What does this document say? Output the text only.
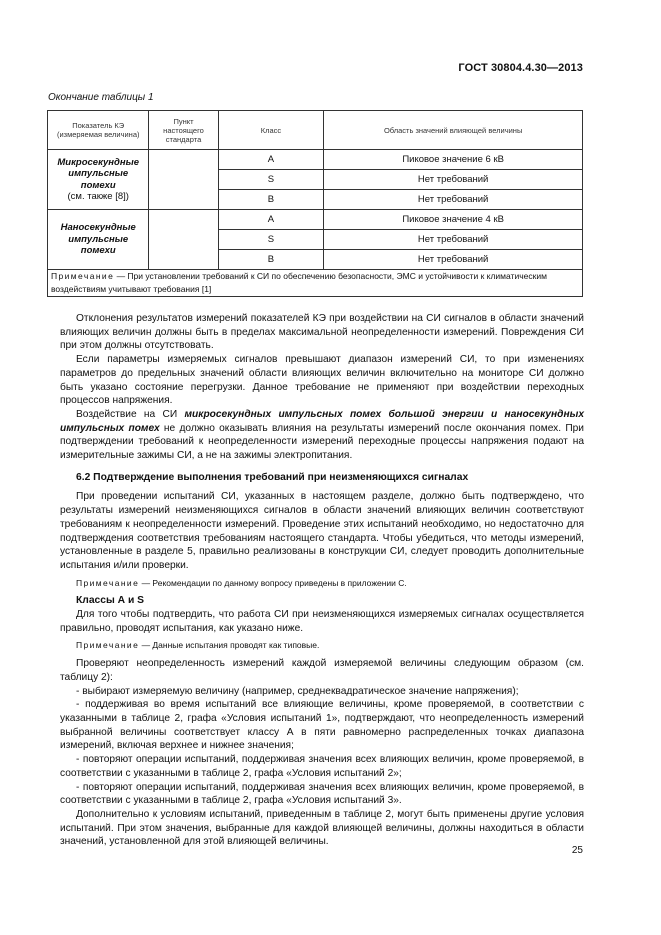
ГОСТ 30804.4.30—2013
Окончание таблицы 1
Показатель КЭ (измеряемая величина)	Пункт настоящего стандарта	Класс	Область значений влияющей величины
Микросекундные импульсные помехи
(см. также [8])		А	Пиковое значение 6 кВ
		S	Нет требований
		В	Нет требований
Наносекундные импульсные помехи		А	Пиковое значение 4 кВ
		S	Нет требований
		В	Нет требований
Примечание — При установлении требований к СИ по обеспечению безопасности, ЭМС и устойчивости к климатическим воздействиям учитывают требования [1]			

Отклонения результатов измерений показателей КЭ при воздействии на СИ сигналов в области значений влияющих величин должны быть в пределах максимальной неопределенности измерений. Повреждения СИ при этом должны отсутствовать.

Если параметры измеряемых сигналов превышают диапазон измерений СИ, то при изменениях параметров до предельных значений области влияющих величин включительно на мониторе СИ должно быть указано состояние перегрузки. Данное требование не применяют при воздействии переходных процессов напряжения.

Воздействие на СИ микросекундных импульсных помех большой энергии и наносекундных импульсных помех не должно оказывать влияния на результаты измерений после окончания помех. При подтверждении требований к неопределенности измерений переходные процессы напряжения подают на измерительные зажимы СИ, а не на зажимы электропитания.

6.2 Подтверждение выполнения требований при неизменяющихся сигналах

При проведении испытаний СИ, указанных в настоящем разделе, должно быть подтверждено, что результаты измерений неизменяющихся сигналов в области значений влияющих величин соответствуют требованиям к неопределенности измерений. Проведение этих испытаний необходимо, но недостаточно для подтверждения соответствия требованиям настоящего стандарта. Чтобы убедиться, что методы измерений, установленные в разделе 5, правильно реализованы в конструкции СИ, следует проводить дополнительные испытания и/или проверки.

Примечание — Рекомендации по данному вопросу приведены в приложении С.

Классы А и S

Для того чтобы подтвердить, что работа СИ при неизменяющихся измеряемых сигналах осуществляется правильно, проводят испытания, как указано ниже.

Примечание — Данные испытания проводят как типовые.

Проверяют неопределенность измерений каждой измеряемой величины следующим образом (см. таблицу 2):

- выбирают измеряемую величину (например, среднеквадратическое значение напряжения);

- поддерживая во время испытаний все влияющие величины, кроме проверяемой, в соответствии с указанными в таблице 2, графа «Условия испытаний 1», подтверждают, что неопределенность измерений выбранной величины соответствует классу А в пяти равномерно распределенных точках диапазона измерений, включая верхнее и нижнее значения;

- повторяют операции испытаний, поддерживая значения всех влияющих величин, кроме проверяемой, в соответствии с указанными в таблице 2, графа «Условия испытаний 2»;

- повторяют операции испытаний, поддерживая значения всех влияющих величин, кроме проверяемой, в соответствии с указанными в таблице 2, графа «Условия испытаний 3».

Дополнительно к условиям испытаний, приведенным в таблице 2, могут быть применены другие условия испытаний. При этом значения, выбранные для каждой влияющей величины, должны находиться в области значений, установленной для этой влияющей величины.

25
